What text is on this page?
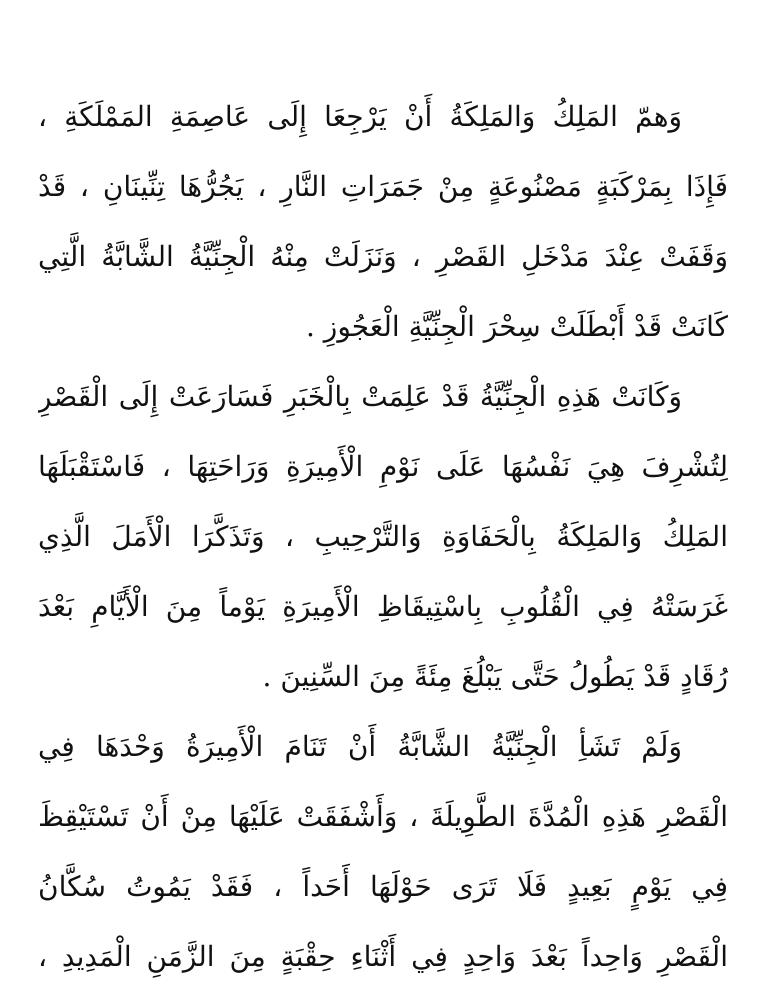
وَهمّ المَلِكُ وَالمَلِكَةُ أَنْ يَرْجِعَا إِلَى عَاصِمَةِ المَمْلَكَةِ ،
فَإِذَا بِمَرْكَبَةٍ مَصْنُوعَةٍ مِنْ جَمَرَاتِ النَّارِ ، يَجُرُّهَا تِنِّينَانِ ، قَدْ
وَقَفَتْ عِنْدَ مَدْخَلِ القَصْرِ ، وَنَزَلَتْ مِنْهُ الْجِنِّيَّةُ الشَّابَّةُ الَّتِي
كَانَتْ قَدْ أَبْطَلَتْ سِحْرَ الْجِنِّيَّةِ الْعَجُوزِ .
وَكَانَتْ هَذِهِ الْجِنِّيَّةُ قَدْ عَلِمَتْ بِالْخَبَرِ فَسَارَعَتْ إِلَى الْقَصْرِ
لِتُشْرِفَ هِيَ نَفْسُهَا عَلَى نَوْمِ الْأَمِيرَةِ وَرَاحَتِهَا ، فَاسْتَقْبَلَهَا
المَلِكُ وَالمَلِكَةُ بِالْحَفَاوَةِ وَالتَّرْحِيبِ ، وَتَذَكَّرَا الْأَمَلَ الَّذِي
غَرَسَتْهُ فِي الْقُلُوبِ بِاسْتِيقَاظِ الْأَمِيرَةِ يَوْماً مِنَ الْأَيَّامِ بَعْدَ
رُقَادٍ قَدْ يَطُولُ حَتَّى يَبْلُغَ مِئَةً مِنَ السِّنِينَ .
وَلَمْ تَشَأِ الْجِنِّيَّةُ الشَّابَّةُ أَنْ تَنَامَ الْأَمِيرَةُ وَحْدَهَا فِي
الْقَصْرِ هَذِهِ الْمُدَّةَ الطَّوِيلَةَ ، وَأَشْفَقَتْ عَلَيْهَا مِنْ أَنْ تَسْتَيْقِظَ
فِي يَوْمٍ بَعِيدٍ فَلَا تَرَى حَوْلَهَا أَحَداً ، فَقَدْ يَمُوتُ سُكَّانُ
الْقَصْرِ وَاحِداً بَعْدَ وَاحِدٍ فِي أَثْنَاءِ حِقْبَةٍ مِنَ الزَّمَنِ الْمَدِيدِ ،
